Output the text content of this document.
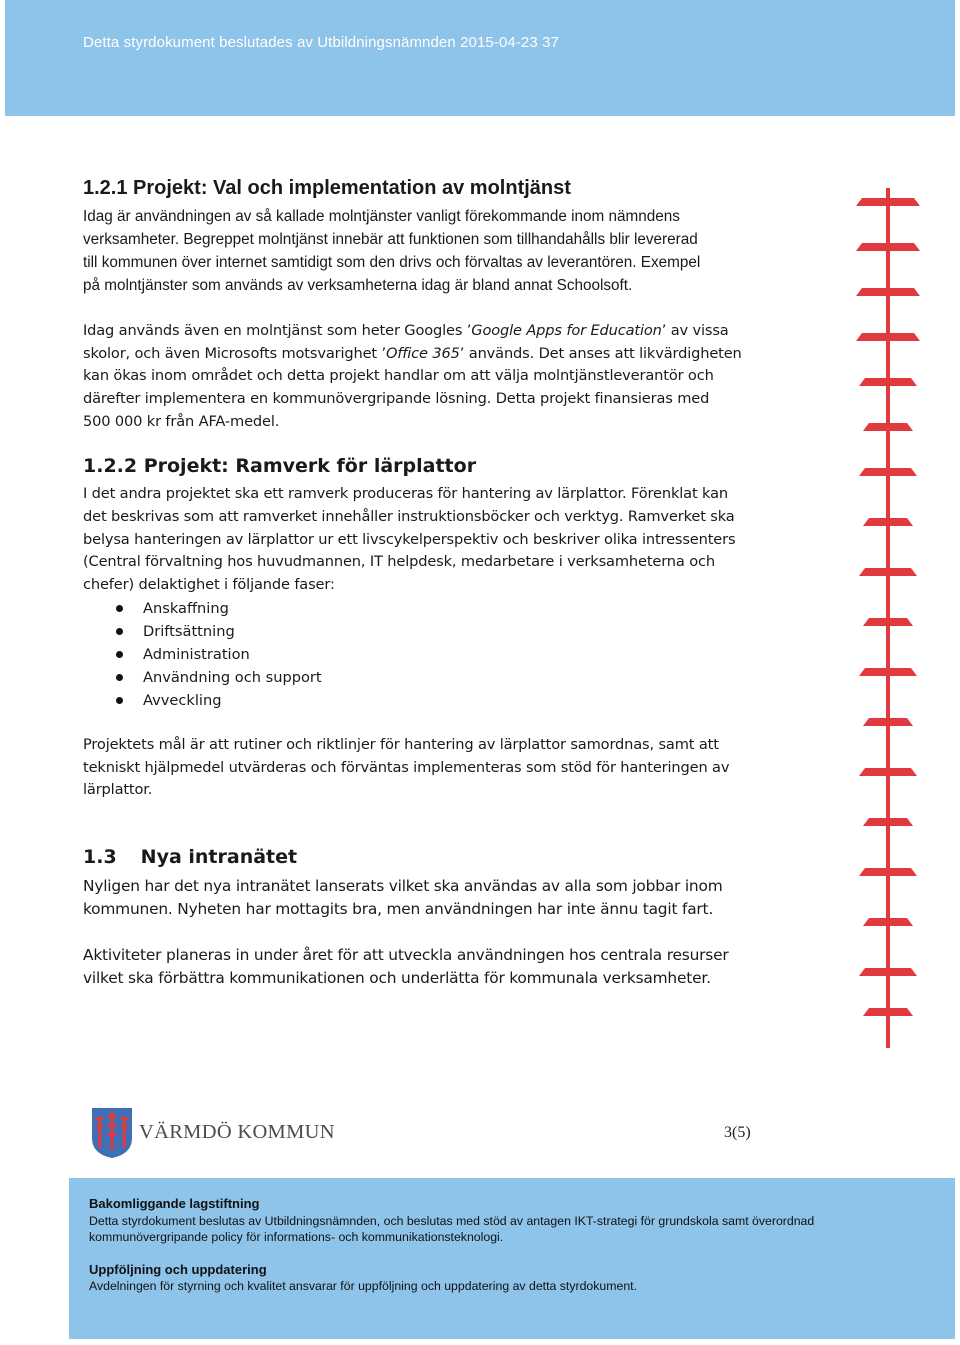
Detta styrdokument beslutades av Utbildningsnämnden 2015-04-23 37
1.2.1 Projekt: Val och implementation av molntjänst

Idag är användningen av så kallade molntjänster vanligt förekommande inom nämndens
verksamheter. Begreppet molntjänst innebär att funktionen som tillhandahålls blir levererad
till kommunen över internet samtidigt som den drivs och förvaltas av leverantören. Exempel
på molntjänster som används av verksamheterna idag är bland annat Schoolsoft.

Idag används även en molntjänst som heter Googles ’Google Apps for Education’ av vissa
skolor, och även Microsofts motsvarighet ’Office 365’ används. Det anses att likvärdigheten
kan ökas inom området och detta projekt handlar om att välja molntjänstleverantör och
därefter implementera en kommunövergripande lösning. Detta projekt finansieras med
500 000 kr från AFA-medel.

1.2.2 Projekt: Ramverk för lärplattor

I det andra projektet ska ett ramverk produceras för hantering av lärplattor. Förenklat kan
det beskrivas som att ramverket innehåller instruktionsböcker och verktyg. Ramverket ska
belysa hanteringen av lärplattor ur ett livscykelperspektiv och beskriver olika intressenters
(Central förvaltning hos huvudmannen, IT helpdesk, medarbetare i verksamheterna och
chefer) delaktighet i följande faser:

Anskaffning
Driftsättning
Administration
Användning och support
Avveckling

Projektets mål är att rutiner och riktlinjer för hantering av lärplattor samordnas, samt att
tekniskt hjälpmedel utvärderas och förväntas implementeras som stöd för hanteringen av
lärplattor.

1.3 Nya intranätet

Nyligen har det nya intranätet lanserats vilket ska användas av alla som jobbar inom
kommunen. Nyheten har mottagits bra, men användningen har inte ännu tagit fart.

Aktiviteter planeras in under året för att utveckla användningen hos centrala resurser
vilket ska förbättra kommunikationen och underlätta för kommunala verksamheter.

VÄRMDÖ KOMMUN	3(5)
Bakomliggande lagstiftning
Detta styrdokument beslutas av Utbildningsnämnden, och beslutas med stöd av antagen IKT-strategi för grundskola samt överordnad
kommunövergripande policy för informations- och kommunikationsteknologi.

Uppföljning och uppdatering
Avdelningen för styrning och kvalitet ansvarar för uppföljning och uppdatering av detta styrdokument.
